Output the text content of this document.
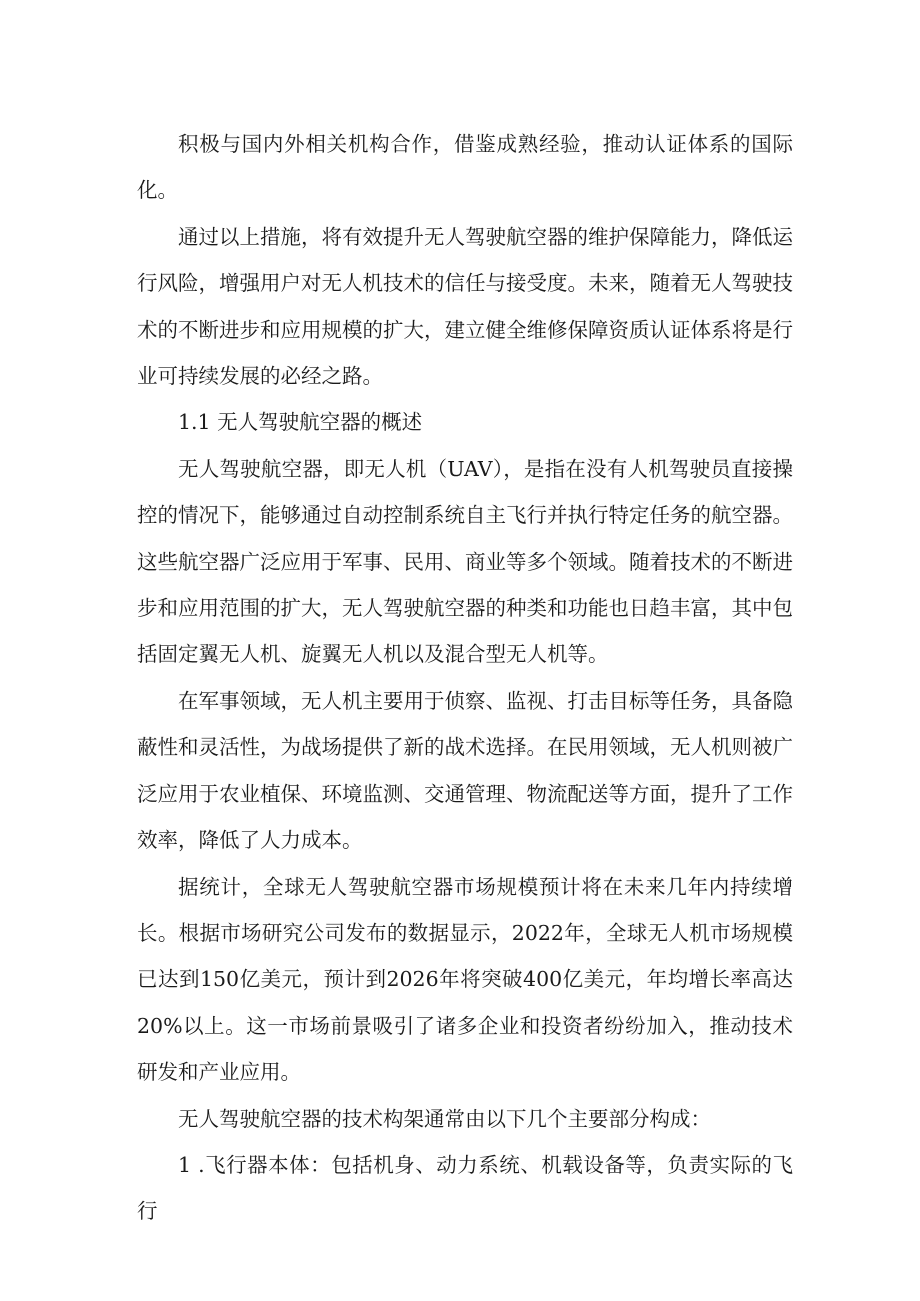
积极与国内外相关机构合作，借鉴成熟经验，推动认证体系的国际化。

通过以上措施，将有效提升无人驾驶航空器的维护保障能力，降低运行风险，增强用户对无人机技术的信任与接受度。未来，随着无人驾驶技术的不断进步和应用规模的扩大，建立健全维修保障资质认证体系将是行业可持续发展的必经之路。

1.1 无人驾驶航空器的概述

无人驾驶航空器，即无人机（UAV），是指在没有人机驾驶员直接操控的情况下，能够通过自动控制系统自主飞行并执行特定任务的航空器。这些航空器广泛应用于军事、民用、商业等多个领域。随着技术的不断进步和应用范围的扩大，无人驾驶航空器的种类和功能也日趋丰富，其中包括固定翼无人机、旋翼无人机以及混合型无人机等。

在军事领域，无人机主要用于侦察、监视、打击目标等任务，具备隐蔽性和灵活性，为战场提供了新的战术选择。在民用领域，无人机则被广泛应用于农业植保、环境监测、交通管理、物流配送等方面，提升了工作效率，降低了人力成本。

据统计，全球无人驾驶航空器市场规模预计将在未来几年内持续增长。根据市场研究公司发布的数据显示，2022年，全球无人机市场规模已达到150亿美元，预计到2026年将突破400亿美元，年均增长率高达20%以上。这一市场前景吸引了诸多企业和投资者纷纷加入，推动技术研发和产业应用。

无人驾驶航空器的技术构架通常由以下几个主要部分构成：

1 .飞行器本体：包括机身、动力系统、机载设备等，负责实际的飞行
